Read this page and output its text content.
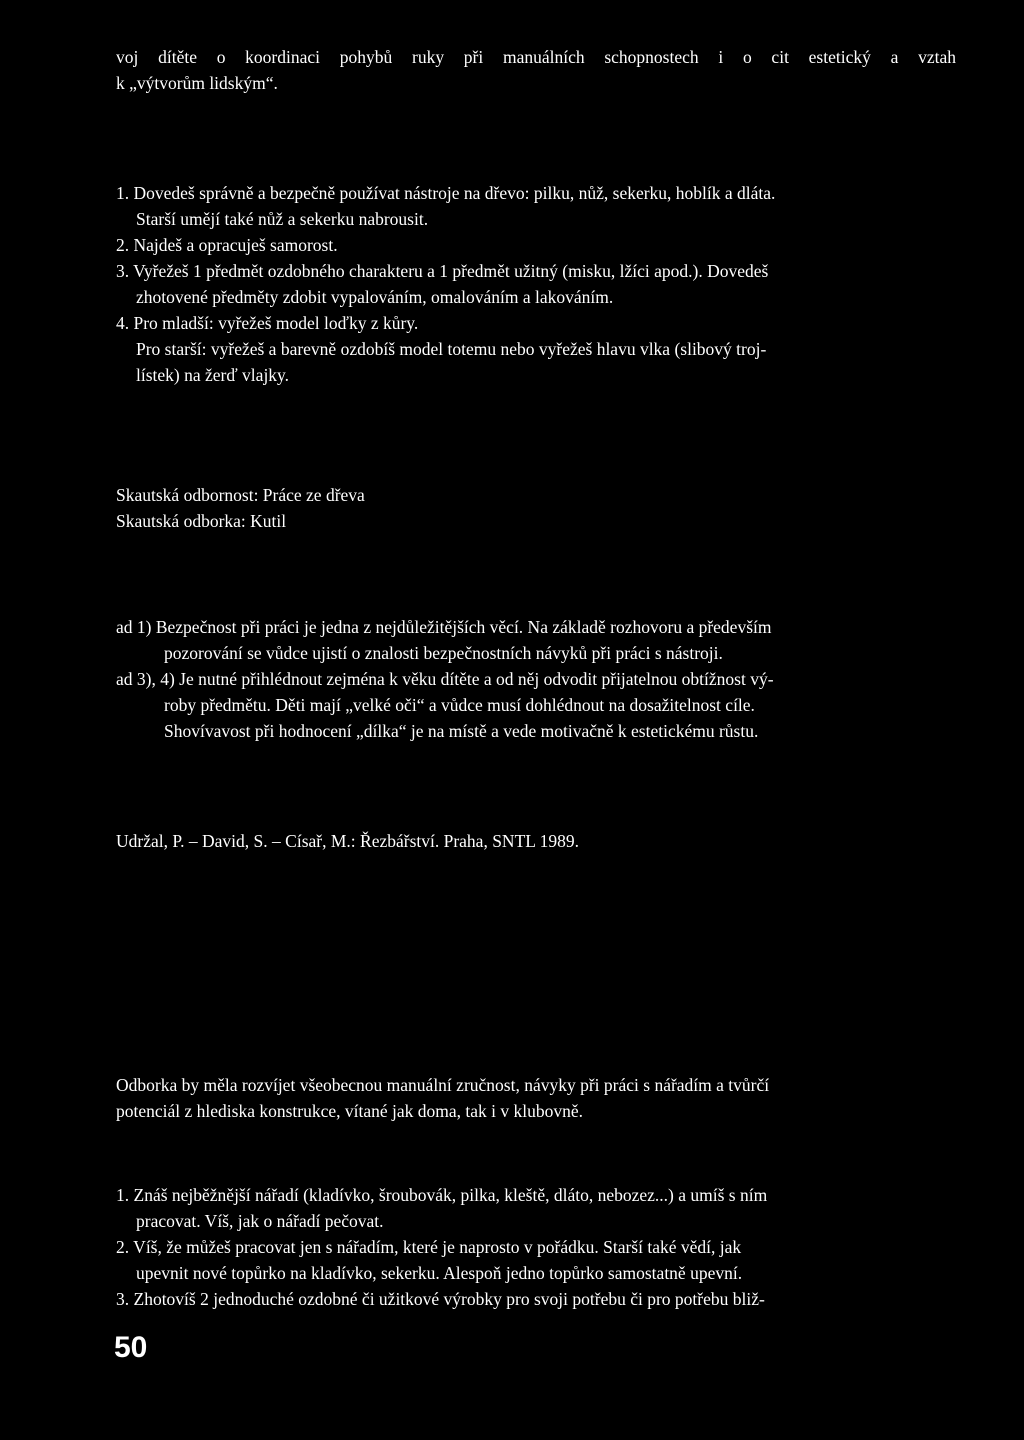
voj dítěte o koordinaci pohybů ruky při manuálních schopnostech i o cit estetický a vztah
k „výtvorům lidským“.
1. Dovedeš správně a bezpečně používat nástroje na dřevo: pilku, nůž, sekerku, hoblík a dláta.
Starší umějí také nůž a sekerku nabrousit.
2. Najdeš a opracuješ samorost.
3. Vyřežeš 1 předmět ozdobného charakteru a 1 předmět užitný (misku, lžíci apod.). Dovedeš
zhotovené předměty zdobit vypalováním, omalováním a lakováním.
4. Pro mladší: vyřežeš model loďky z kůry.
Pro starší: vyřežeš a barevně ozdobíš model totemu nebo vyřežeš hlavu vlka (slibový troj-
lístek) na žerď vlajky.
Skautská odbornost: Práce ze dřeva
Skautská odborka: Kutil
ad 1) Bezpečnost při práci je jedna z nejdůležitějších věcí. Na základě rozhovoru a především
pozorování se vůdce ujistí o znalosti bezpečnostních návyků při práci s nástroji.
ad 3), 4) Je nutné přihlédnout zejména k věku dítěte a od něj odvodit přijatelnou obtížnost vý-
roby předmětu. Děti mají „velké oči“ a vůdce musí dohlédnout na dosažitelnost cíle.
Shovívavost při hodnocení „dílka“ je na místě a vede motivačně k estetickému růstu.
Udržal, P. – David, S. – Císař, M.: Řezbářství. Praha, SNTL 1989.
Odborka by měla rozvíjet všeobecnou manuální zručnost, návyky při práci s nářadím a tvůrčí
potenciál z hlediska konstrukce, vítané jak doma, tak i v klubovně.
1. Znáš nejběžnější nářadí (kladívko, šroubovák, pilka, kleště, dláto, nebozez...) a umíš s ním
pracovat. Víš, jak o nářadí pečovat.
2. Víš, že můžeš pracovat jen s nářadím, které je naprosto v pořádku. Starší také vědí, jak
upevnit nové topůrko na kladívko, sekerku. Alespoň jedno topůrko samostatně upevní.
3. Zhotovíš 2 jednoduché ozdobné či užitkové výrobky pro svoji potřebu či pro potřebu bliž-
50
